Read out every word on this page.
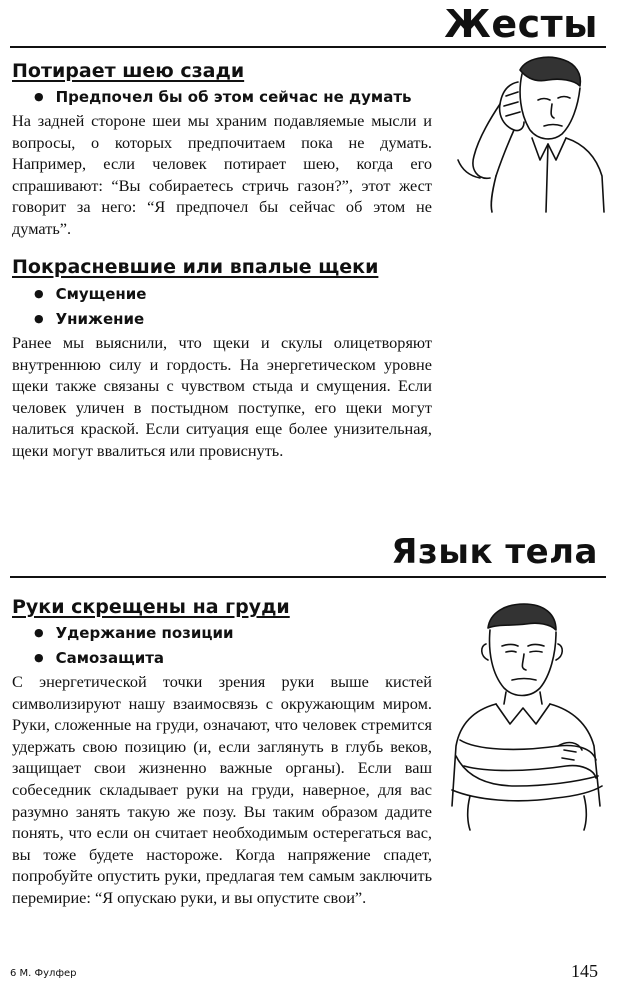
Жесты
Потирает шею сзади

● Предпочел бы об этом сейчас не думать

На задней стороне шеи мы храним подавляемые мысли и вопросы, о которых предпочитаем пока не думать. Например, если человек потирает шею, когда его спрашивают: “Вы собираетесь стричь газон?”, этот жест говорит за него: “Я предпочел бы сейчас об этом не думать”.

Покрасневшие или впалые щеки

● Смущение

● Унижение

Ранее мы выяснили, что щеки и скулы олицетворяют внутреннюю силу и гордость. На энергетическом уровне щеки также связаны с чувством стыда и смущения. Если человек уличен в постыдном поступке, его щеки могут налиться краской. Если ситуация еще более унизительная, щеки могут ввалиться или провиснуть.

Язык тела
Руки скрещены на груди

● Удержание позиции

● Самозащита

С энергетической точки зрения руки выше кистей символизируют нашу взаимосвязь с окружающим миром. Руки, сложенные на груди, означают, что человек стремится удержать свою позицию (и, если заглянуть в глубь веков, защищает свои жизненно важные органы). Если ваш собеседник складывает руки на груди, наверное, для вас разумно занять такую же позу. Вы таким образом дадите понять, что если он считает необходимым остерегаться вас, вы тоже будете настороже. Когда напряжение спадет, попробуйте опустить руки, предлагая тем самым заключить перемирие: “Я опускаю руки, и вы опустите свои”.

6 М. Фулфер	145
